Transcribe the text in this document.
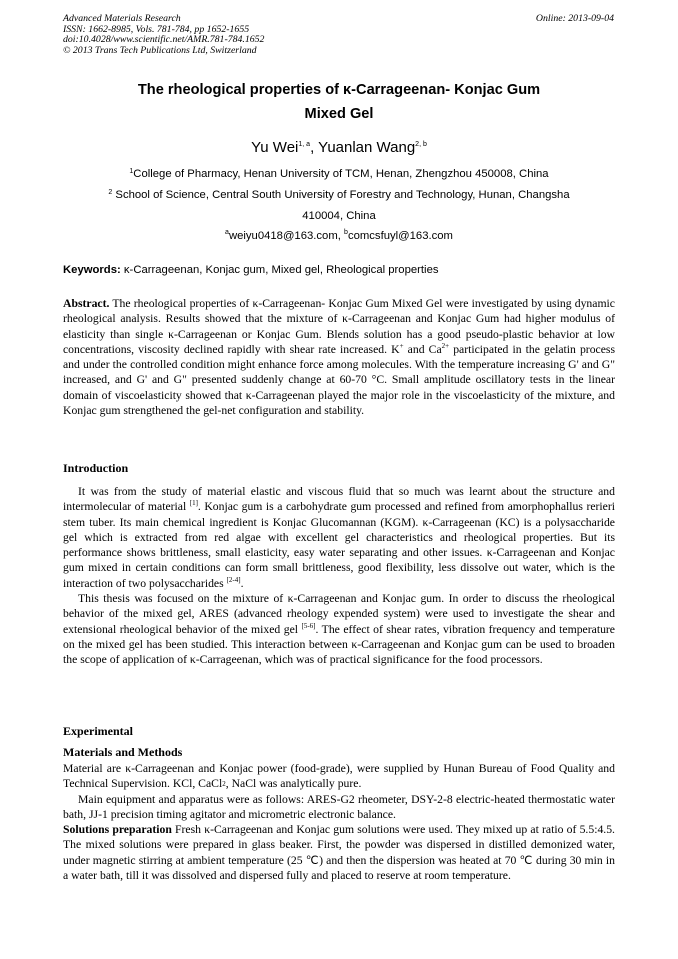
Advanced Materials Research
ISSN: 1662-8985, Vols. 781-784, pp 1652-1655
doi:10.4028/www.scientific.net/AMR.781-784.1652
© 2013 Trans Tech Publications Ltd, Switzerland
Online: 2013-09-04
The rheological properties of κ-Carrageenan- Konjac Gum
Mixed Gel
Yu Wei$^{1, a}$, Yuanlan Wang$^{2, b}$
$^1$College of Pharmacy, Henan University of TCM, Henan, Zhengzhou 450008, China
$^2$ School of Science, Central South University of Forestry and Technology, Hunan, Changsha
410004, China
$^a$weiyu0418@163.com, $^b$comcsfuyl@163.com
Keywords: κ-Carrageenan, Konjac gum, Mixed gel, Rheological properties

Abstract. The rheological properties of κ-Carrageenan- Konjac Gum Mixed Gel were investigated by using dynamic rheological analysis. Results showed that the mixture of κ-Carrageenan and Konjac Gum had higher modulus of elasticity than single κ-Carrageenan or Konjac Gum. Blends solution has a good pseudo-plastic behavior at low concentrations, viscosity declined rapidly with shear rate increased. K+ and $Ca^{2+}$ participated in the gelatin process and under the controlled condition might enhance force among molecules. With the temperature increasing G' and G" increased, and G' and G" presented suddenly change at 60-70 °C. Small amplitude oscillatory tests in the linear domain of viscoelasticity showed that κ-Carrageenan played the major role in the viscoelasticity of the mixture, and Konjac gum strengthened the gel-net configuration and stability.

Introduction

It was from the study of material elastic and viscous fluid that so much was learnt about the structure and intermolecular of material [1]. Konjac gum is a carbohydrate gum processed and refined from amorphophallus rerieri stem tuber. Its main chemical ingredient is Konjac Glucomannan (KGM). κ-Carrageenan (KC) is a polysaccharide gel which is extracted from red algae with excellent gel characteristics and rheological properties. But its performance shows brittleness, small elasticity, easy water separating and other issues. κ-Carrageenan and Konjac gum mixed in certain conditions can form small brittleness, good flexibility, less dissolve out water, which is the interaction of two polysaccharides [2-4].

This thesis was focused on the mixture of κ-Carrageenan and Konjac gum. In order to discuss the rheological behavior of the mixed gel, ARES (advanced rheology expended system) were used to investigate the shear and extensional rheological behavior of the mixed gel [5-6]. The effect of shear rates, vibration frequency and temperature on the mixed gel has been studied. This interaction between κ-Carrageenan and Konjac gum can be used to broaden the scope of application of κ-Carrageenan, which was of practical significance for the food processors.

Experimental
Materials and Methods

Material are κ-Carrageenan and Konjac power (food-grade), were supplied by Hunan Bureau of Food Quality and Technical Supervision. KCl, CaCl$_2$, NaCl was analytically pure.

Main equipment and apparatus were as follows: ARES-G2 rheometer, DSY-2-8 electric-heated thermostatic water bath, JJ-1 precision timing agitator and micrometric electronic balance.

Solutions preparation Fresh κ-Carrageenan and Konjac gum solutions were used. They mixed up at ratio of 5.5:4.5. The mixed solutions were prepared in glass beaker. First, the powder was dispersed in distilled demonized water, under magnetic stirring at ambient temperature (25 ℃) and then the dispersion was heated at 70 ℃ during 30 min in a water bath, till it was dissolved and dispersed fully and placed to reserve at room temperature.
